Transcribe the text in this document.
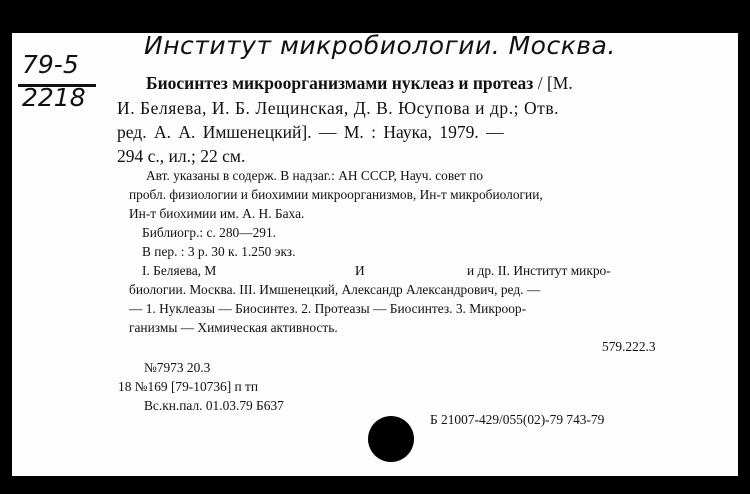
Институт микробиологии. Москва.
79-5
2218	Биосинтез микроорганизмами нуклеаз и протеаз / [М.
И. Беляева, И. Б. Лещинская, Д. В. Юсупова и др.; Отв.
ред. А. А. Имшенецкий]. — М. : Наука, 1979. —
294 с., ил.; 22 см.
Авт. указаны в содерж. В надзаг.: АН СССР, Науч. совет по
пробл. физиологии и биохимии микроорганизмов, Ин-т микробиологии,
Ин-т биохимии им. А. Н. Баха.
Библиогр.: с. 280—291.
В пер. : 3 р. 30 к. 1.250 экз.
I. Беляева, М	И	и др. II. Институт микро-
биологии. Москва. III. Имшенецкий, Александр Александрович, ред. —
— 1. Нуклеазы — Биосинтез. 2. Протеазы — Биосинтез. 3. Микроор-
ганизмы — Химическая активность.
579.222.3
№7973 20.3
18 №169 [79-10736] п тп
Вс.кн.пал. 01.03.79 Б637
Б 21007-429/055(02)-79 743-79
